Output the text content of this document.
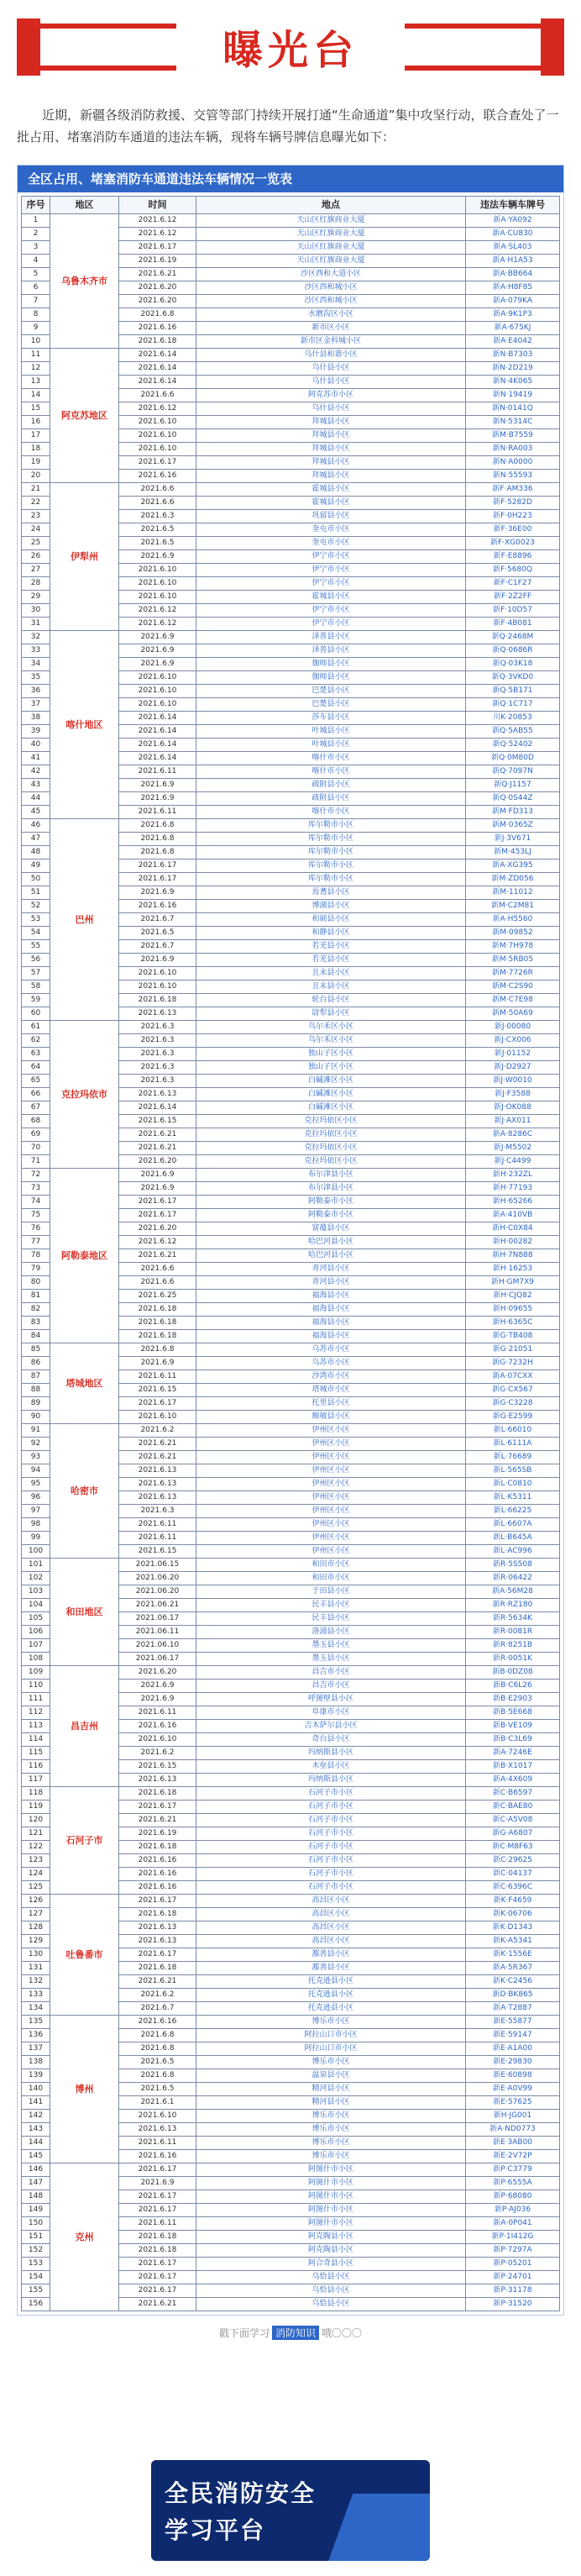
曝光台

近期，新疆各级消防救援、交管等部门持续开展打通“生命通道”集中攻坚行动，联合查处了一批占用、堵塞消防车通道的违法车辆，现将车辆号牌信息曝光如下：

全区占用、堵塞消防车通道违法车辆情况一览表
序号	地区	时间	地点	违法车辆车牌号
1	乌鲁木齐市	2021.6.12	天山区红旗商业大厦	新A·YA092
2		2021.6.12	天山区红旗商业大厦	新A·CU830
3		2021.6.17	天山区红旗商业大厦	新A·SL403
4		2021.6.19	天山区红旗商业大厦	新A·H1A53
5		2021.6.21	沙区西和大道小区	新A·BB664
6		2021.6.20	沙区西和城小区	新A·H8F85
7		2021.6.20	沙区西和城小区	新A·079KA
8		2021.6.8	水磨沟区小区	新A·9K1P3
9		2021.6.16	新市区小区	新A·675KJ
10		2021.6.18	新市区金科城小区	新A·E4042
11	阿克苏地区	2021.6.14	乌什县和谐小区	新N·B7303
12		2021.6.14	乌什县小区	新N·2D219
13		2021.6.14	乌什县小区	新N·4K065
14		2021.6.6	阿克苏市小区	新N·19419
15		2021.6.12	乌什县小区	新N·0141Q
16		2021.6.10	拜城县小区	新N·5314C
17		2021.6.10	拜城县小区	新M·B7559
18		2021.6.10	拜城县小区	新N·RA003
19		2021.6.17	拜城县小区	新N·A0000
20		2021.6.16	拜城县小区	新N·55593
21	伊犁州	2021.6.6	霍城县小区	新F·AM336
22		2021.6.6	霍城县小区	新F·5282D
23		2021.6.3	巩留县小区	新F·0H223
24		2021.6.5	奎屯市小区	新F·36E00
25		2021.6.5	奎屯市小区	新F·XG0023
26		2021.6.9	伊宁市小区	新F·E8896
27		2021.6.10	伊宁市小区	新F·5680Q
28		2021.6.10	伊宁市小区	新F·C1F27
29		2021.6.10	霍城县小区	新F·2Z2FF
30		2021.6.12	伊宁市小区	新F·10D57
31		2021.6.12	伊宁市小区	新F·4B081
32	喀什地区	2021.6.9	泽普县小区	新Q·2468M
33		2021.6.9	泽普县小区	新Q·0686R
34		2021.6.9	伽师县小区	新Q·03K18
35		2021.6.10	伽师县小区	新Q·3VKD0
36		2021.6.10	巴楚县小区	新Q·5B171
37		2021.6.10	巴楚县小区	新Q·1C717
38		2021.6.14	莎车县小区	川K·20853
39		2021.6.14	叶城县小区	新Q·5AB55
40		2021.6.14	叶城县小区	新Q·52402
41		2021.6.14	喀什市小区	新Q·0M80D
42		2021.6.11	喀什市小区	新Q·7097N
43		2021.6.9	疏附县小区	新Q·J1157
44		2021.6.9	疏附县小区	新Q·0S44Z
45		2021.6.11	喀什市小区	新M·FD313
46	巴州	2021.6.8	库尔勒市小区	新M·0365Z
47		2021.6.8	库尔勒市小区	新J·3V671
48		2021.6.8	库尔勒市小区	新M·453LJ
49		2021.6.17	库尔勒市小区	新A·XG395
50		2021.6.17	库尔勒市小区	新M·ZD056
51		2021.6.9	焉耆县小区	新M·11012
52		2021.6.16	博湖县小区	新M·C2M81
53		2021.6.7	和硕县小区	新A·H5560
54		2021.6.5	和静县小区	新M·09852
55		2021.6.7	若羌县小区	新M·7H978
56		2021.6.9	若羌县小区	新M·5RB05
57		2021.6.10	且末县小区	新M·7726R
58		2021.6.10	且末县小区	新M·C2S90
59		2021.6.18	轮台县小区	新M·C7E98
60		2021.6.13	尉犁县小区	新M·50A69
61	克拉玛依市	2021.6.3	乌尔禾区小区	新J·00080
62		2021.6.3	乌尔禾区小区	新J·CX006
63		2021.6.3	独山子区小区	新J·01152
64		2021.6.3	独山子区小区	新J·D2927
65		2021.6.3	白碱滩区小区	新J·W0010
66		2021.6.13	白碱滩区小区	新J·F3588
67		2021.6.14	白碱滩区小区	新J·OK088
68		2021.6.15	克拉玛依区小区	新J·AX011
69		2021.6.21	克拉玛依区小区	新A·8286C
70		2021.6.21	克拉玛依区小区	新J·M5502
71		2021.6.20	克拉玛依区小区	新J·C4499
72	阿勒泰地区	2021.6.9	布尔津县小区	新H·232ZL
73		2021.6.9	布尔津县小区	新H·77193
74		2021.6.17	阿勒泰市小区	新H·65266
75		2021.6.17	阿勒泰市小区	新A·410VB
76		2021.6.20	富蕴县小区	新H·C0X84
77		2021.6.12	哈巴河县小区	新H·00282
78		2021.6.21	哈巴河县小区	新H·7N888
79		2021.6.6	青河县小区	新H·16253
80		2021.6.6	青河县小区	新H·GM7X9
81		2021.6.25	福海县小区	新H·CJQ82
82		2021.6.18	福海县小区	新H·09655
83		2021.6.18	福海县小区	新H·6365C
84		2021.6.18	福海县小区	新G·TB408
85	塔城地区	2021.6.8	乌苏市小区	新G·21051
86		2021.6.9	乌苏市小区	新G·7232H
87		2021.6.11	沙湾市小区	新A·07CXX
88		2021.6.15	塔城市小区	新G·CX567
89		2021.6.17	托里县小区	新G·C3228
90		2021.6.10	额敏县小区	新G·E2599
91	哈密市	2021.6.2	伊州区小区	新L·66010
92		2021.6.21	伊州区小区	新L·6111A
93		2021.6.21	伊州区小区	新L·76689
94		2021.6.13	伊州区小区	新L·565SB
95		2021.6.13	伊州区小区	新L·C0810
96		2021.6.13	伊州区小区	新L·K5311
97		2021.6.3	伊州区小区	新L·66225
98		2021.6.11	伊州区小区	新L·6607A
99		2021.6.11	伊州区小区	新L·B645A
100		2021.6.15	伊州区小区	新L·AC996
101	和田地区	2021.06.15	和田市小区	新R·5S508
102		2021.06.20	和田市小区	新R·06422
103		2021.06.20	于田县小区	新A·56M28
104		2021.06.21	民丰县小区	新R·RZ180
105		2021.06.17	民丰县小区	新R·5634K
106		2021.06.11	洛浦县小区	新R·0081R
107		2021.06.10	墨玉县小区	新R·8251B
108		2021.06.17	墨玉县小区	新R·0051K
109	昌吉州	2021.6.20	昌吉市小区	新B·0DZ08
110		2021.6.9	昌吉市小区	新B·C6L26
111		2021.6.9	呼图壁县小区	新B·E2903
112		2021.6.11	阜康市小区	新B·5E668
113		2021.6.16	吉木萨尔县小区	新B·VE109
114		2021.6.10	奇台县小区	新B·C3L69
115		2021.6.2	玛纳斯县小区	新A·7246E
116		2021.6.15	木垒县小区	新B·X1017
117		2021.6.13	玛纳斯县小区	新A·4X609
118	石河子市	2021.6.18	石河子市小区	新C·B6597
119		2021.6.17	石河子市小区	新C·BAE80
120		2021.6.21	石河子市小区	新C·A5V08
121		2021.6.19	石河子市小区	新G·A6807
122		2021.6.18	石河子市小区	新C·M8F63
123		2021.6.16	石河子市小区	新C·29625
124		2021.6.16	石河子市小区	新C·04137
125		2021.6.16	石河子市小区	新C·6396C
126	吐鲁番市	2021.6.17	高昌区小区	新K·F4659
127		2021.6.18	高昌区小区	新K·06706
128		2021.6.13	高昌区小区	新K·D1343
129		2021.6.13	高昌区小区	新K·A5341
130		2021.6.17	鄯善县小区	新K·1556E
131		2021.6.18	鄯善县小区	新A·5R367
132		2021.6.21	托克逊县小区	新K·C2456
133		2021.6.2	托克逊县小区	新D·BK865
134		2021.6.7	托克逊县小区	新A·T2887
135	博州	2021.6.16	博乐市小区	新E·55877
136		2021.6.8	阿拉山口市小区	新E·59147
137		2021.6.8	阿拉山口市小区	新E·A1A00
138		2021.6.5	博乐市小区	新E·29830
139		2021.6.8	温泉县小区	新E·60898
140		2021.6.5	精河县小区	新E·A0V99
141		2021.6.1	精河县小区	新E·57625
142		2021.6.10	博乐市小区	新H·JG001
143		2021.6.13	博乐市小区	新A·ND0773
144		2021.6.11	博乐市小区	新E·3AB00
145		2021.6.16	博乐市小区	新E·2V72P
146	克州	2021.6.17	阿图什市小区	新P·C3779
147		2021.6.9	阿图什市小区	新P·6555A
148		2021.6.17	阿图什市小区	新P·68080
149		2021.6.17	阿图什市小区	新P·AJ036
150		2021.6.11	阿图什市小区	新A·0P041
151		2021.6.18	阿克陶县小区	新P·1I412G
152		2021.6.18	阿克陶县小区	新P·7297A
153		2021.6.17	阿合奇县小区	新P·05201
154		2021.6.17	乌恰县小区	新P·24701
155		2021.6.17	乌恰县小区	新P·31178
156		2021.6.21	乌恰县小区	新P·31520
戳下面学习 消防知识 哦〇〇〇
全民消防安全
学习平台
